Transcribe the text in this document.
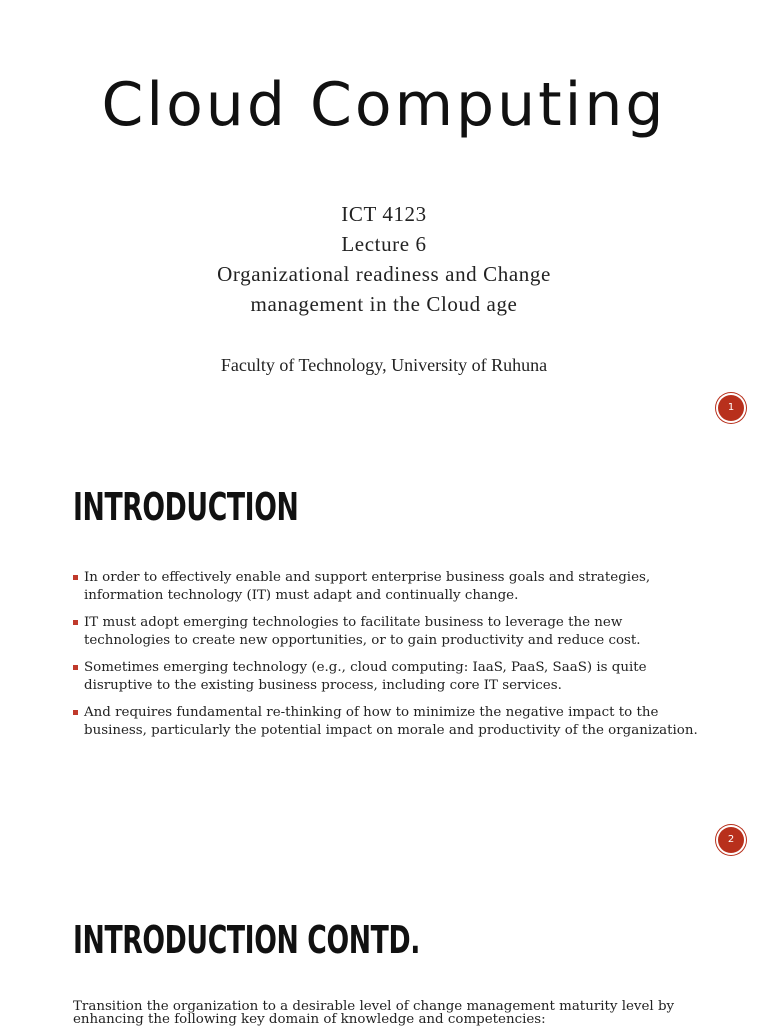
Cloud Computing
ICT 4123
Lecture 6
Organizational readiness and Change
management in the Cloud age
Faculty of Technology, University of Ruhuna
1
INTRODUCTION
In order to effectively enable and support enterprise business goals and strategies, information technology (IT) must adapt and continually change.
IT must adopt emerging technologies to facilitate business to leverage the new technologies to create new opportunities, or to gain productivity and reduce cost.
Sometimes emerging technology (e.g., cloud computing: IaaS, PaaS, SaaS) is quite disruptive to the existing business process, including core IT services.
And requires fundamental re-thinking of how to minimize the negative impact to the business, particularly the potential impact on morale and productivity of the organization.
2
INTRODUCTION CONTD.

Transition the organization to a desirable level of change management maturity level by enhancing the following key domain of knowledge and competencies:
